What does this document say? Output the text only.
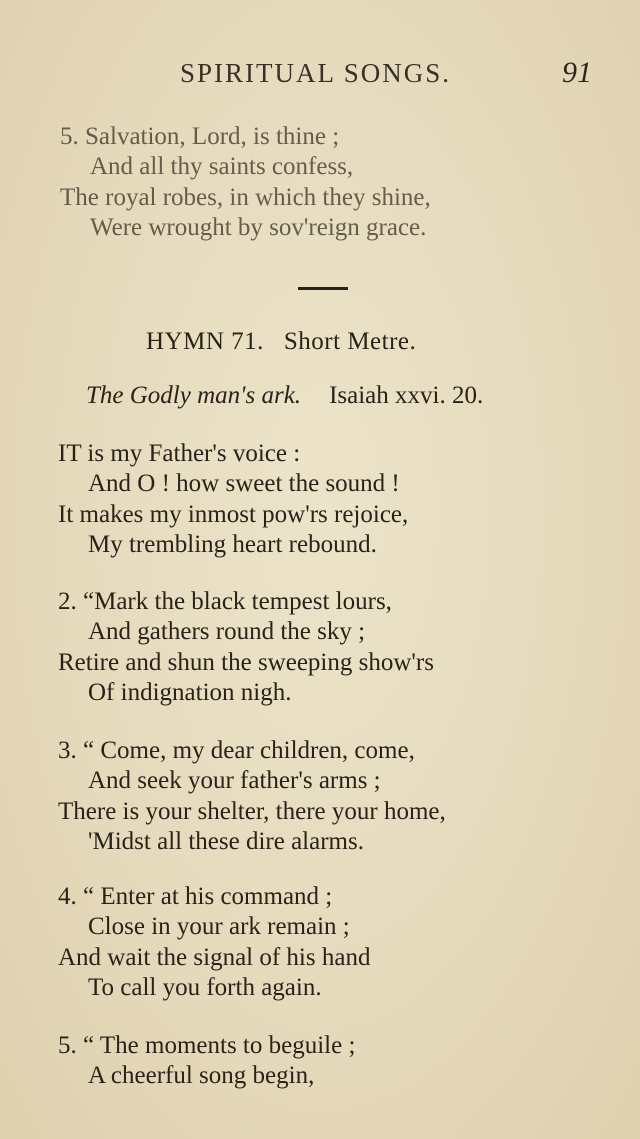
SPIRITUAL SONGS.	91
5. Salvation, Lord, is thine ;
And all thy saints confess,
The royal robes, in which they shine,
Were wrought by sov'reign grace.
HYMN 71. Short Metre.
The Godly man's ark. Isaiah xxvi. 20.
IT is my Father's voice :
And O ! how sweet the sound !
It makes my inmost pow'rs rejoice,
My trembling heart rebound.
2. “Mark the black tempest lours,
And gathers round the sky ;
Retire and shun the sweeping show'rs
Of indignation nigh.
3. “ Come, my dear children, come,
And seek your father's arms ;
There is your shelter, there your home,
'Midst all these dire alarms.
4. “ Enter at his command ;
Close in your ark remain ;
And wait the signal of his hand
To call you forth again.
5. “ The moments to beguile ;
A cheerful song begin,
